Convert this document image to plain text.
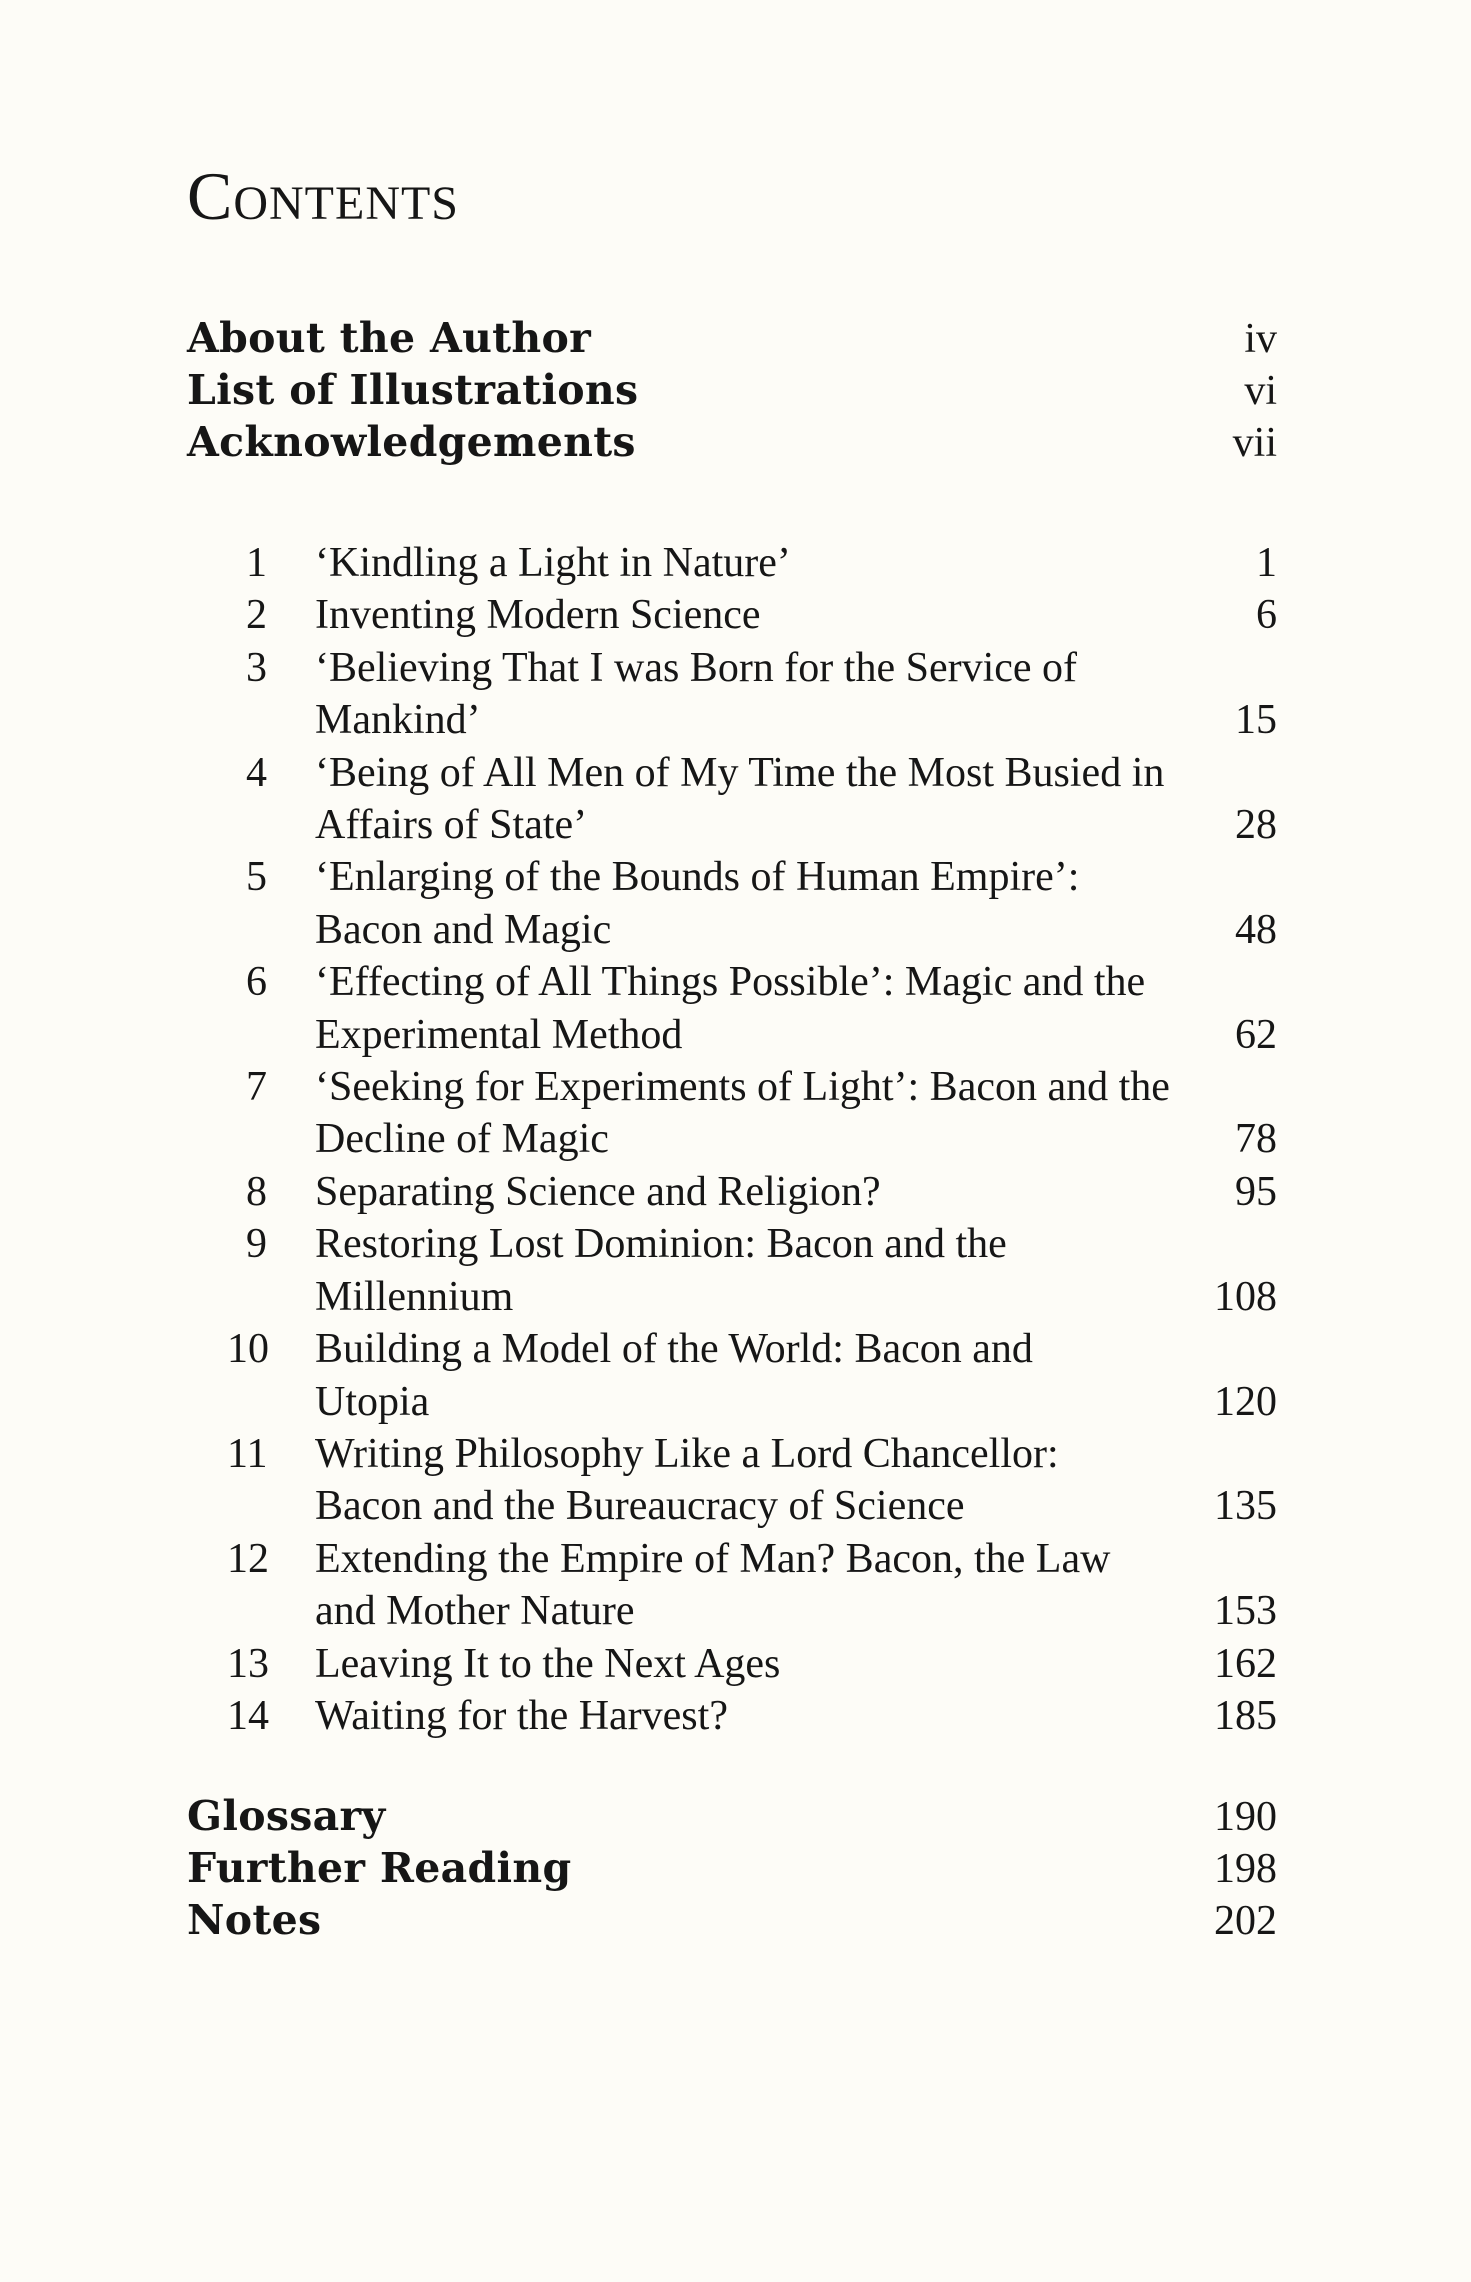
Contents
About the Author	iv
List of Illustrations	vi
Acknowledgements	vii
1 ‘Kindling a Light in Nature’	1
2 Inventing Modern Science	6
3 ‘Believing That I was Born for the Service of
Mankind’	15
4 ‘Being of All Men of My Time the Most Busied in
Affairs of State’	28
5 ‘Enlarging of the Bounds of Human Empire’:
Bacon and Magic	48
6 ‘Effecting of All Things Possible’: Magic and the
Experimental Method	62
7 ‘Seeking for Experiments of Light’: Bacon and the
Decline of Magic	78
8 Separating Science and Religion?	95
9 Restoring Lost Dominion: Bacon and the
Millennium	108
10 Building a Model of the World: Bacon and
Utopia	120
11 Writing Philosophy Like a Lord Chancellor:
Bacon and the Bureaucracy of Science	135
12 Extending the Empire of Man? Bacon, the Law
and Mother Nature	153
13 Leaving It to the Next Ages	162
14 Waiting for the Harvest?	185
Glossary	190
Further Reading	198
Notes	202
